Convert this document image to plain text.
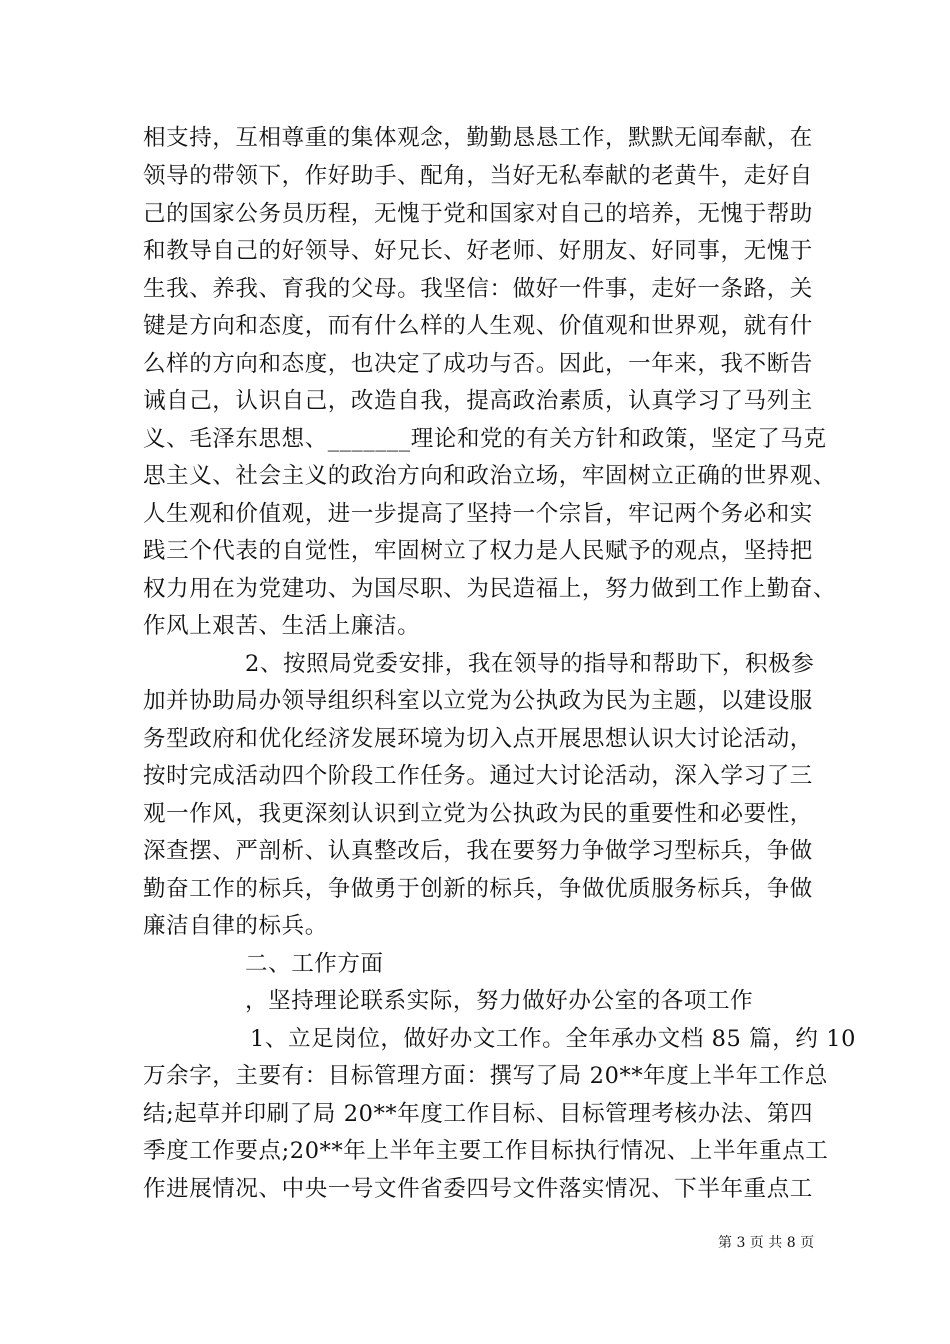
相支持，互相尊重的集体观念，勤勤恳恳工作，默默无闻奉献，在
领导的带领下，作好助手、配角，当好无私奉献的老黄牛，走好自
己的国家公务员历程，无愧于党和国家对自己的培养，无愧于帮助
和教导自己的好领导、好兄长、好老师、好朋友、好同事，无愧于
生我、养我、育我的父母。我坚信：做好一件事，走好一条路，关
键是方向和态度，而有什么样的人生观、价值观和世界观，就有什
么样的方向和态度，也决定了成功与否。因此，一年来，我不断告
诫自己，认识自己，改造自我，提高政治素质，认真学习了马列主
义、毛泽东思想、_______理论和党的有关方针和政策，坚定了马克
思主义、社会主义的政治方向和政治立场，牢固树立正确的世界观、
人生观和价值观，进一步提高了坚持一个宗旨，牢记两个务必和实
践三个代表的自觉性，牢固树立了权力是人民赋予的观点，坚持把
权力用在为党建功、为国尽职、为民造福上，努力做到工作上勤奋、
作风上艰苦、生活上廉洁。
2、按照局党委安排，我在领导的指导和帮助下，积极参
加并协助局办领导组织科室以立党为公执政为民为主题，以建设服
务型政府和优化经济发展环境为切入点开展思想认识大讨论活动，
按时完成活动四个阶段工作任务。通过大讨论活动，深入学习了三
观一作风，我更深刻认识到立党为公执政为民的重要性和必要性，
深查摆、严剖析、认真整改后，我在要努力争做学习型标兵，争做
勤奋工作的标兵，争做勇于创新的标兵，争做优质服务标兵，争做
廉洁自律的标兵。
二、工作方面
，坚持理论联系实际，努力做好办公室的各项工作
1、立足岗位，做好办文工作。全年承办文档 85 篇，约 10
万余字，主要有：目标管理方面：撰写了局 20**年度上半年工作总
结;起草并印刷了局 20**年度工作目标、目标管理考核办法、第四
季度工作要点;20**年上半年主要工作目标执行情况、上半年重点工
作进展情况、中央一号文件省委四号文件落实情况、下半年重点工
第 3 页 共 8 页
